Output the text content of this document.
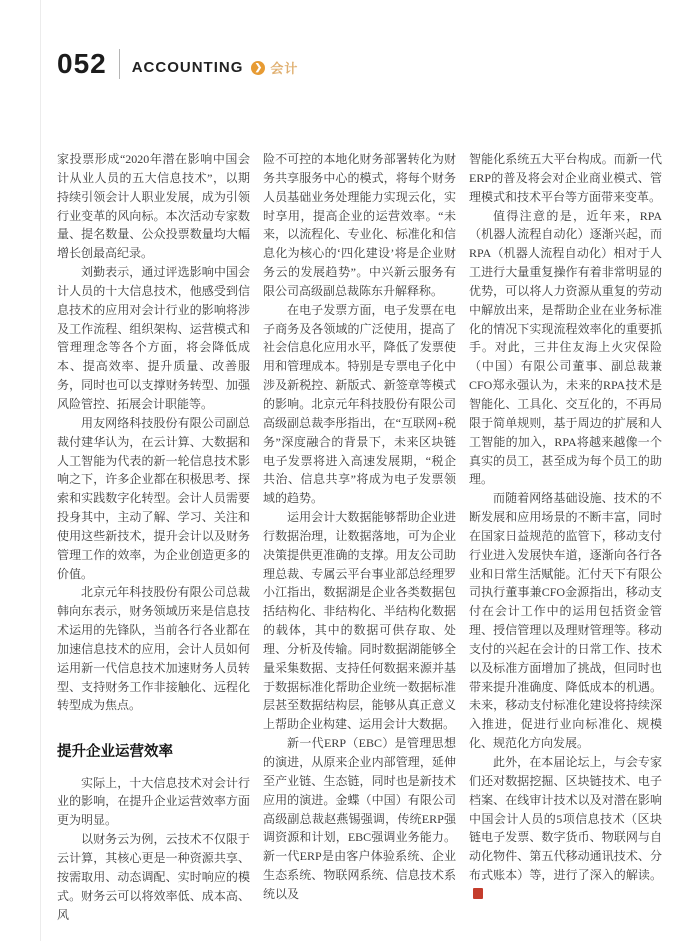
052 ACCOUNTING	❯ 会计

家投票形成“2020年潜在影响中国会计从业人员的五大信息技术”，以期持续引领会计人职业发展，成为引领行业变革的风向标。本次活动专家数量、提名数量、公众投票数量均大幅增长创最高纪录。

刘勤表示，通过评选影响中国会计人员的十大信息技术，他感受到信息技术的应用对会计行业的影响将涉及工作流程、组织架构、运营模式和管理理念等各个方面，将会降低成本、提高效率、提升质量、改善服务，同时也可以支撑财务转型、加强风险管控、拓展会计职能等。

用友网络科技股份有限公司副总裁付建华认为，在云计算、大数据和人工智能为代表的新一轮信息技术影响之下，许多企业都在积极思考、探索和实践数字化转型。会计人员需要投身其中，主动了解、学习、关注和使用这些新技术，提升会计以及财务管理工作的效率，为企业创造更多的价值。

北京元年科技股份有限公司总裁韩向东表示，财务领域历来是信息技术运用的先锋队，当前各行各业都在加速信息技术的应用，会计人员如何运用新一代信息技术加速财务人员转型、支持财务工作非接触化、远程化转型成为焦点。

提升企业运营效率

实际上，十大信息技术对会计行业的影响，在提升企业运营效率方面更为明显。

以财务云为例，云技术不仅限于云计算，其核心更是一种资源共享、按需取用、动态调配、实时响应的模式。财务云可以将效率低、成本高、风

险不可控的本地化财务部署转化为财务共享服务中心的模式，将每个财务人员基础业务处理能力实现云化，实时享用，提高企业的运营效率。“未来，以流程化、专业化、标准化和信息化为核心的‘四化建设’将是企业财务云的发展趋势”。中兴新云服务有限公司高级副总裁陈东升解释称。

在电子发票方面，电子发票在电子商务及各领域的广泛使用，提高了社会信息化应用水平，降低了发票使用和管理成本。特别是专票电子化中涉及新税控、新版式、新签章等模式的影响。北京元年科技股份有限公司高级副总裁李彤指出，在“互联网+税务”深度融合的背景下，未来区块链电子发票将进入高速发展期，“税企共治、信息共享”将成为电子发票领域的趋势。

运用会计大数据能够帮助企业进行数据治理，让数据落地，可为企业决策提供更准确的支撑。用友公司助理总裁、专属云平台事业部总经理罗小江指出，数据湖是企业各类数据包括结构化、非结构化、半结构化数据的载体，其中的数据可供存取、处理、分析及传输。同时数据湖能够全量采集数据、支持任何数据来源并基于数据标准化帮助企业统一数据标准层甚至数据结构层，能够从真正意义上帮助企业构建、运用会计大数据。

新一代ERP（EBC）是管理思想的演进，从原来企业内部管理，延伸至产业链、生态链，同时也是新技术应用的演进。金蝶（中国）有限公司高级副总裁赵燕锡强调，传统ERP强调资源和计划，EBC强调业务能力。新一代ERP是由客户体验系统、企业生态系统、物联网系统、信息技术系统以及

智能化系统五大平台构成。而新一代ERP的普及将会对企业商业模式、管理模式和技术平台等方面带来变革。

值得注意的是，近年来，RPA（机器人流程自动化）逐渐兴起，而RPA（机器人流程自动化）相对于人工进行大量重复操作有着非常明显的优势，可以将人力资源从重复的劳动中解放出来，是帮助企业在业务标准化的情况下实现流程效率化的重要抓手。对此，三井住友海上火灾保险（中国）有限公司董事、副总裁兼CFO郑永强认为，未来的RPA技术是智能化、工具化、交互化的，不再局限于简单规则，基于周边的扩展和人工智能的加入，RPA将越来越像一个真实的员工，甚至成为每个员工的助理。

而随着网络基础设施、技术的不断发展和应用场景的不断丰富，同时在国家日益规范的监管下，移动支付行业进入发展快车道，逐渐向各行各业和日常生活赋能。汇付天下有限公司执行董事兼CFO金源指出，移动支付在会计工作中的运用包括资金管理、授信管理以及理财管理等。移动支付的兴起在会计的日常工作、技术以及标准方面增加了挑战，但同时也带来提升准确度、降低成本的机遇。未来，移动支付标准化建设将持续深入推进，促进行业向标准化、规模化、规范化方向发展。

此外，在本届论坛上，与会专家们还对数据挖掘、区块链技术、电子档案、在线审计技术以及对潜在影响中国会计人员的5项信息技术（区块链电子发票、数字货币、物联网与自动化物件、第五代移动通讯技术、分布式账本）等，进行了深入的解读。
